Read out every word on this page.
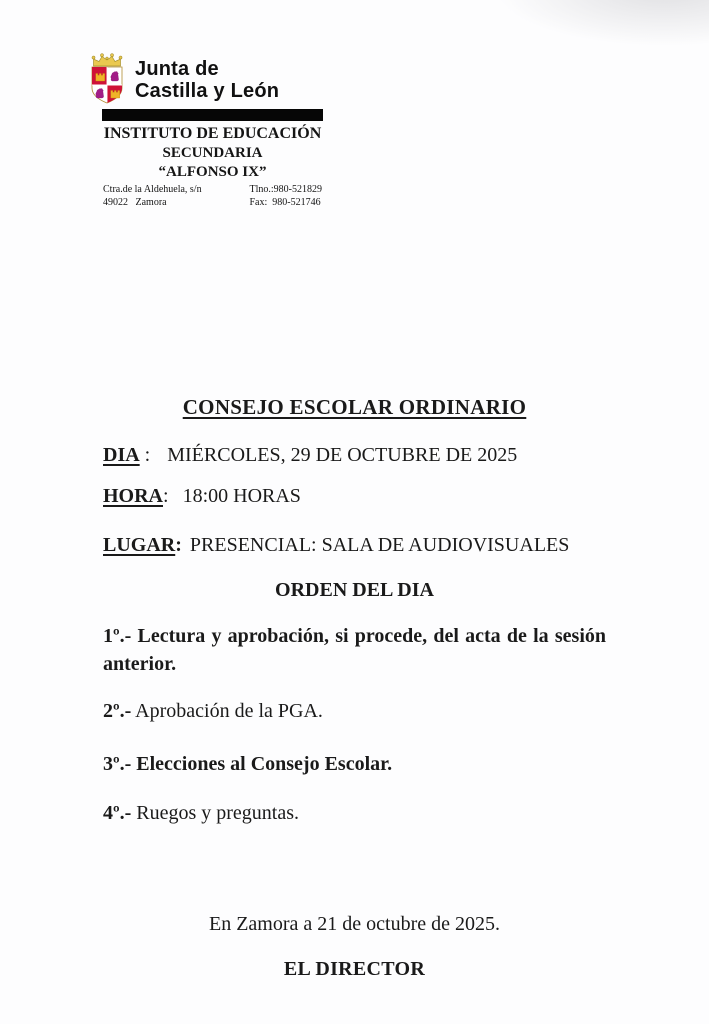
Junta de
Castilla y León
INSTITUTO DE EDUCACIÓN
SECUNDARIA
“ALFONSO IX”
Ctra.de la Aldehuela, s/n
49022   Zamora
Tlno.:980-521829
Fax:  980-521746
CONSEJO ESCOLAR ORDINARIO

DIA : MIÉRCOLES, 29 DE OCTUBRE DE 2025

HORA: 18:00 HORAS

LUGAR: PRESENCIAL: SALA DE AUDIOVISUALES

ORDEN DEL DIA

1º.- Lectura y aprobación, si procede, del acta de la sesión anterior.

2º.- Aprobación de la PGA.

3º.- Elecciones al Consejo Escolar.

4º.- Ruegos y preguntas.

En Zamora a 21 de octubre de 2025.

EL DIRECTOR
